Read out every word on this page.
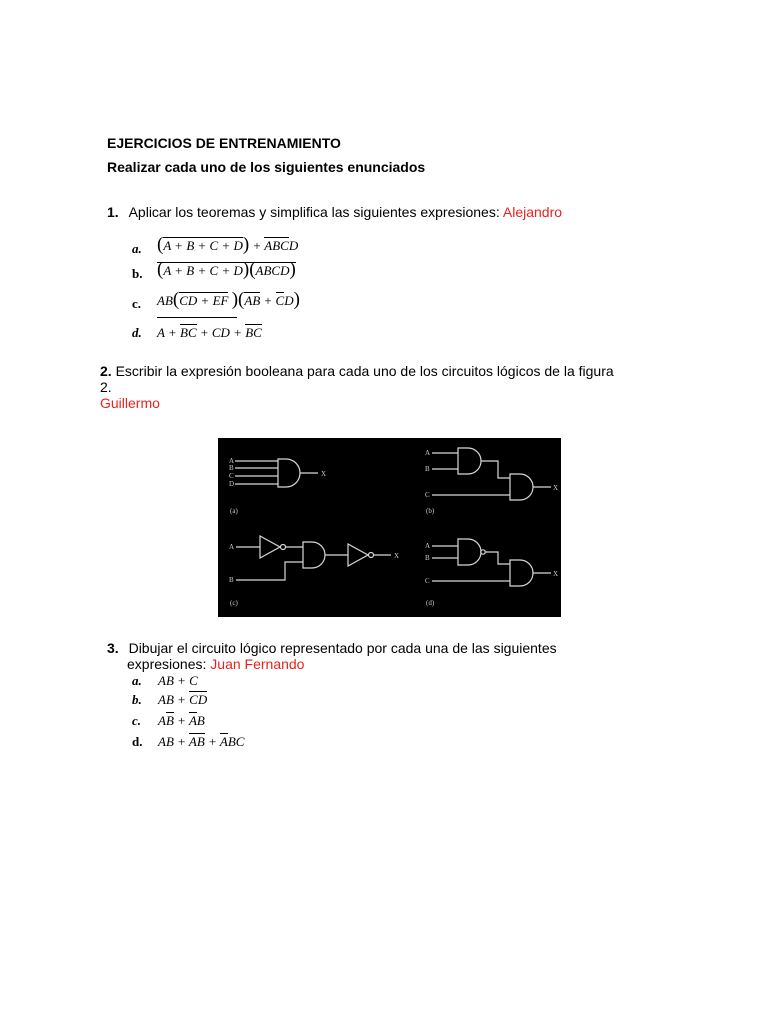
EJERCICIOS DE ENTRENAMIENTO
Realizar cada uno de los siguientes enunciados
1. Aplicar los teoremas y simplifica las siguientes expresiones: Alejandro
a. (A + B + C + D) + ABCD
b. (A + B + C + D)(ABCD)
c. AB(CD + EF )(AB + CD)
d. A + BC + CD + BC
2. Escribir la expresión booleana para cada uno de los circuitos lógicos de la figura
2.
Guillermo
A
B
C
D
X
(a)
A
B
C
X
(b)
A
B
X
(c)
A
B
C
X
(d)
3. Dibujar el circuito lógico representado por cada una de las siguientes
expresiones: Juan Fernando
a. AB + C
b. AB + CD
c. AB + AB
d. AB + AB + ABC
